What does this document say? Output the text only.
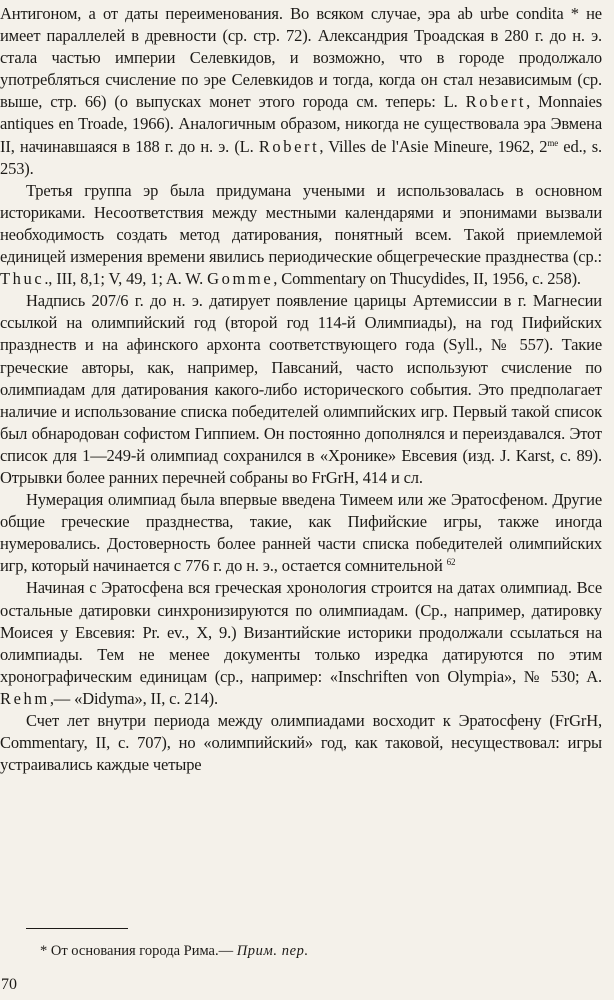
Антигоном, а от даты переименования. Во всяком случае, эра ab urbe condita * не имеет параллелей в древности (ср. стр. 72). Александрия Троадская в 280 г. до н. э. стала частью империи Селевкидов, и возможно, что в городе продолжало употребляться счисление по эре Селевкидов и тогда, когда он стал независимым (ср. выше, стр. 66) (о выпусках монет этого города см. теперь: L. Robert, Monnaies antiques en Troade, 1966). Аналогичным образом, никогда не существовала эра Эвмена II, начинавшаяся в 188 г. до н. э. (L. Robert, Villes de l'Asie Mineure, 1962, $2^{me}$ ed., s. 253).

Третья группа эр была придумана учеными и использовалась в основном историками. Несоответствия между местными календарями и эпонимами вызвали необходимость создать метод датирования, понятный всем. Такой приемлемой единицей измерения времени явились периодические общегреческие празднества (ср.: Thuc., III, 8,1; V, 49, 1; A. W. Gomme, Commentary on Thucydides, II, 1956, с. 258).

Надпись 207/6 г. до н. э. датирует появление царицы Артемиссии в г. Магнесии ссылкой на олимпийский год (второй год 114-й Олимпиады), на год Пифийских празднеств и на афинского архонта соответствующего года (Syll., № 557). Такие греческие авторы, как, например, Павсаний, часто используют счисление по олимпиадам для датирования какого-либо исторического события. Это предполагает наличие и использование списка победителей олимпийских игр. Первый такой список был обнародован софистом Гиппием. Он постоянно дополнялся и переиздавался. Этот список для 1—249-й олимпиад сохранился в «Хронике» Евсевия (изд. J. Karst, с. 89). Отрывки более ранних перечней собраны во FrGrH, 414 и сл.

Нумерация олимпиад была впервые введена Тимеем или же Эратосфеном. Другие общие греческие празднества, такие, как Пифийские игры, также иногда нумеровались. Достоверность более ранней части списка победителей олимпийских игр, который начинается с 776 г. до н. э., остается сомнительной $^{62}$

Начиная с Эратосфена вся греческая хронология строится на датах олимпиад. Все остальные датировки синхронизируются по олимпиадам. (Ср., например, датировку Моисея у Евсевия: Pr. ev., X, 9.) Византийские историки продолжали ссылаться на олимпиады. Тем не менее документы только изредка датируются по этим хронографическим единицам (ср., например: «Inschriften von Olympia», № 530; A. Rehm,— «Didyma», II, с. 214).

Счет лет внутри периода между олимпиадами восходит к Эратосфену (FrGrH, Commentary, II, с. 707), но «олимпийский» год, как таковой, несуществовал: игры устраивались каждые четыре

* От основания города Рима.— Прим. пер.
70
